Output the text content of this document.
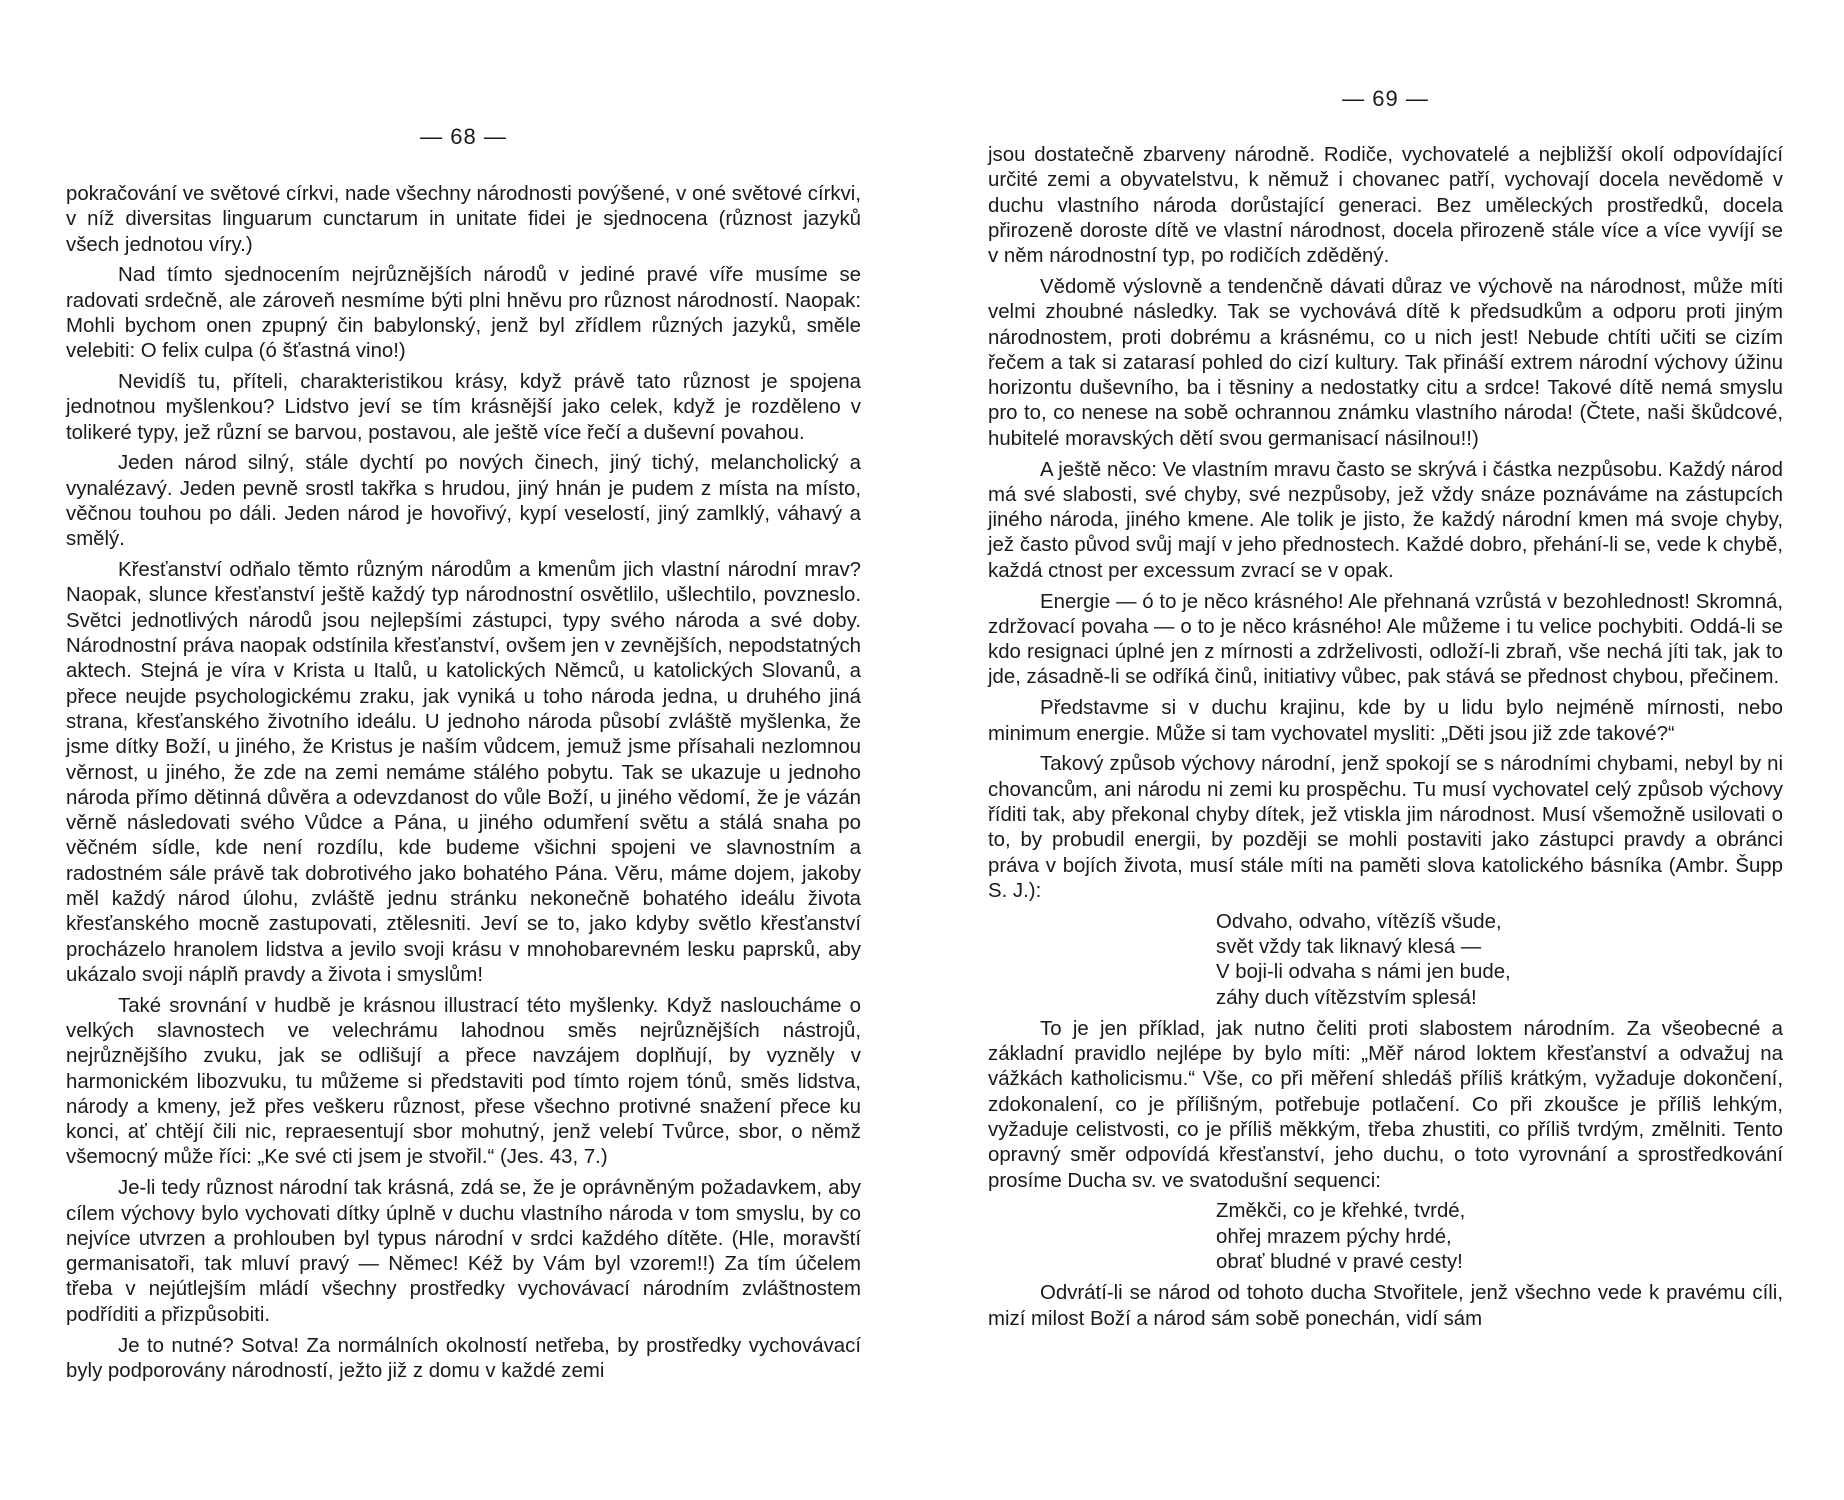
— 68 —

pokračování ve světové církvi, nade všechny národnosti povýšené, v oné světové církvi, v níž diversitas linguarum cunctarum in unitate fidei je sjednocena (různost jazyků všech jednotou víry.)

Nad tímto sjednocením nejrůznějších národů v jediné pravé víře musíme se radovati srdečně, ale zároveň nesmíme býti plni hněvu pro různost národností. Naopak: Mohli bychom onen zpupný čin babylonský, jenž byl zřídlem různých jazyků, směle velebiti: O felix culpa (ó šťastná vino!)

Nevidíš tu, příteli, charakteristikou krásy, když právě tato různost je spojena jednotnou myšlenkou? Lidstvo jeví se tím krásnější jako celek, když je rozděleno v tolikeré typy, jež různí se barvou, postavou, ale ještě více řečí a duševní povahou.

Jeden národ silný, stále dychtí po nových činech, jiný tichý, melancholický a vynalézavý. Jeden pevně srostl takřka s hrudou, jiný hnán je pudem z místa na místo, věčnou touhou po dáli. Jeden národ je hovořivý, kypí veselostí, jiný zamlklý, váhavý a smělý.

Křesťanství odňalo těmto různým národům a kmenům jich vlastní národní mrav? Naopak, slunce křesťanství ještě každý typ národnostní osvětlilo, ušlechtilo, povzneslo. Světci jednotlivých národů jsou nejlepšími zástupci, typy svého národa a své doby. Národnostní práva naopak odstínila křesťanství, ovšem jen v zevnějších, nepodstatných aktech. Stejná je víra v Krista u Italů, u katolických Němců, u katolických Slovanů, a přece neujde psychologickému zraku, jak vyniká u toho národa jedna, u druhého jiná strana, křesťanského životního ideálu. U jednoho národa působí zvláště myšlenka, že jsme dítky Boží, u jiného, že Kristus je naším vůdcem, jemuž jsme přísahali nezlomnou věrnost, u jiného, že zde na zemi nemáme stálého pobytu. Tak se ukazuje u jednoho národa přímo dětinná důvěra a odevzdanost do vůle Boží, u jiného vědomí, že je vázán věrně následovati svého Vůdce a Pána, u jiného odumření světu a stálá snaha po věčném sídle, kde není rozdílu, kde budeme všichni spojeni ve slavnostním a radostném sále právě tak dobrotivého jako bohatého Pána. Věru, máme dojem, jakoby měl každý národ úlohu, zvláště jednu stránku nekonečně bohatého ideálu života křesťanského mocně zastupovati, ztělesniti. Jeví se to, jako kdyby světlo křesťanství procházelo hranolem lidstva a jevilo svoji krásu v mnohobarevném lesku paprsků, aby ukázalo svoji náplň pravdy a života i smyslům!

Také srovnání v hudbě je krásnou illustrací této myšlenky. Když nasloucháme o velkých slavnostech ve velechrámu lahodnou směs nejrůznějších nástrojů, nejrůznějšího zvuku, jak se odlišují a přece navzájem doplňují, by vyzněly v harmonickém libozvuku, tu můžeme si představiti pod tímto rojem tónů, směs lidstva, národy a kmeny, jež přes veškeru různost, přese všechno protivné snažení přece ku konci, ať chtějí čili nic, repraesentují sbor mohutný, jenž velebí Tvůrce, sbor, o němž všemocný může říci: „Ke své cti jsem je stvořil.“ (Jes. 43, 7.)

Je-li tedy různost národní tak krásná, zdá se, že je oprávněným požadavkem, aby cílem výchovy bylo vychovati dítky úplně v duchu vlastního národa v tom smyslu, by co nejvíce utvrzen a prohlouben byl typus národní v srdci každého dítěte. (Hle, moravští germanisatoři, tak mluví pravý — Němec! Kéž by Vám byl vzorem!!) Za tím účelem třeba v nejútlejším mládí všechny prostředky vychovávací národním zvláštnostem podříditi a přizpůsobiti.

Je to nutné? Sotva! Za normálních okolností netřeba, by prostředky vychovávací byly podporovány národností, ježto již z domu v každé zemi

— 69 —

jsou dostatečně zbarveny národně. Rodiče, vychovatelé a nejbližší okolí odpovídající určité zemi a obyvatelstvu, k němuž i chovanec patří, vychovají docela nevědomě v duchu vlastního národa dorůstající generaci. Bez uměleckých prostředků, docela přirozeně doroste dítě ve vlastní národnost, docela přirozeně stále více a více vyvíjí se v něm národnostní typ, po rodičích zděděný.

Vědomě výslovně a tendenčně dávati důraz ve výchově na národnost, může míti velmi zhoubné následky. Tak se vychovává dítě k předsudkům a odporu proti jiným národnostem, proti dobrému a krásnému, co u nich jest! Nebude chtíti učiti se cizím řečem a tak si zatarasí pohled do cizí kultury. Tak přináší extrem národní výchovy úžinu horizontu duševního, ba i těsniny a nedostatky citu a srdce! Takové dítě nemá smyslu pro to, co nenese na sobě ochrannou známku vlastního národa! (Čtete, naši škůdcové, hubitelé moravských dětí svou germanisací násilnou!!)

A ještě něco: Ve vlastním mravu často se skrývá i částka nezpůsobu. Každý národ má své slabosti, své chyby, své nezpůsoby, jež vždy snáze poznáváme na zástupcích jiného národa, jiného kmene. Ale tolik je jisto, že každý národní kmen má svoje chyby, jež často původ svůj mají v jeho přednostech. Každé dobro, přehání-li se, vede k chybě, každá ctnost per excessum zvrací se v opak.

Energie — ó to je něco krásného! Ale přehnaná vzrůstá v bezohlednost! Skromná, zdržovací povaha — o to je něco krásného! Ale můžeme i tu velice pochybiti. Oddá-li se kdo resignaci úplné jen z mírnosti a zdrželivosti, odloží-li zbraň, vše nechá jíti tak, jak to jde, zásadně-li se odříká činů, initiativy vůbec, pak stává se přednost chybou, přečinem.

Představme si v duchu krajinu, kde by u lidu bylo nejméně mírnosti, nebo minimum energie. Může si tam vychovatel mysliti: „Děti jsou již zde takové?“

Takový způsob výchovy národní, jenž spokojí se s národními chybami, nebyl by ni chovancům, ani národu ni zemi ku prospěchu. Tu musí vychovatel celý způsob výchovy říditi tak, aby překonal chyby dítek, jež vtiskla jim národnost. Musí všemožně usilovati o to, by probudil energii, by později se mohli postaviti jako zástupci pravdy a obránci práva v bojích života, musí stále míti na paměti slova katolického básníka (Ambr. Šupp S. J.):

Odvaho, odvaho, vítězíš všude,
svět vždy tak liknavý klesá —
V boji-li odvaha s námi jen bude,
záhy duch vítězstvím splesá!

To je jen příklad, jak nutno čeliti proti slabostem národním. Za všeobecné a základní pravidlo nejlépe by bylo míti: „Měř národ loktem křesťanství a odvažuj na vážkách katholicismu.“ Vše, co při měření shledáš příliš krátkým, vyžaduje dokončení, zdokonalení, co je přílišným, potřebuje potlačení. Co při zkoušce je příliš lehkým, vyžaduje celistvosti, co je příliš měkkým, třeba zhustiti, co příliš tvrdým, změlniti. Tento opravný směr odpovídá křesťanství, jeho duchu, o toto vyrovnání a sprostředkování prosíme Ducha sv. ve svatodušní sequenci:

Změkči, co je křehké, tvrdé,
ohřej mrazem pýchy hrdé,
obrať bludné v pravé cesty!

Odvrátí-li se národ od tohoto ducha Stvořitele, jenž všechno vede k pravému cíli, mizí milost Boží a národ sám sobě ponechán, vidí sám
